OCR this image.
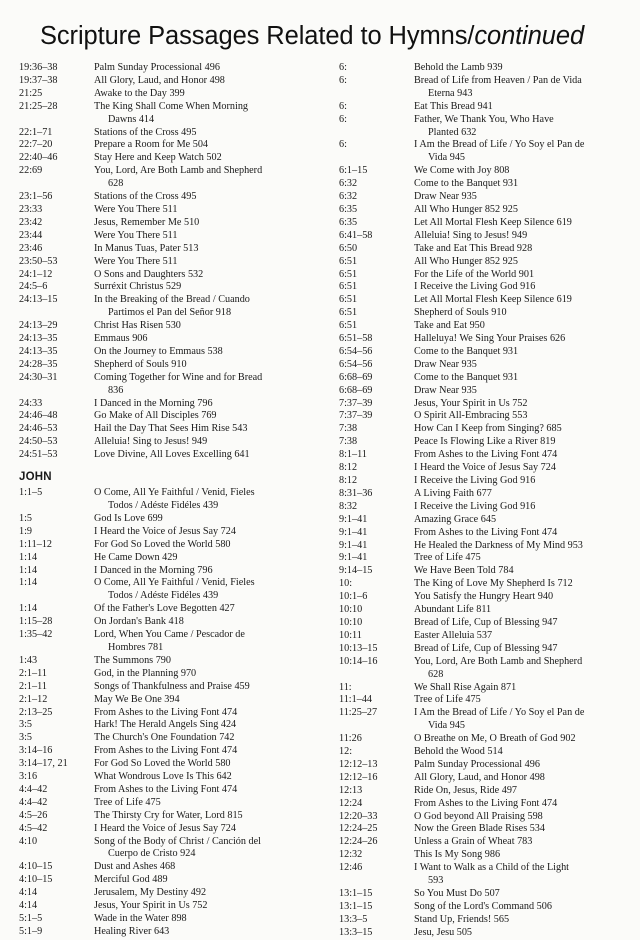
Scripture Passages Related to Hymns/continued
19:36–38	Palm Sunday Processional 496
19:37–38	All Glory, Laud, and Honor 498
21:25	Awake to the Day 399
21:25–28	The King Shall Come When Morning
Dawns 414
22:1–71	Stations of the Cross 495
22:7–20	Prepare a Room for Me 504
22:40–46	Stay Here and Keep Watch 502
22:69	You, Lord, Are Both Lamb and Shepherd
628
23:1–56	Stations of the Cross 495
23:33	Were You There 511
23:42	Jesus, Remember Me 510
23:44	Were You There 511
23:46	In Manus Tuas, Pater 513
23:50–53	Were You There 511
24:1–12	O Sons and Daughters 532
24:5–6	Surréxit Christus 529
24:13–15	In the Breaking of the Bread / Cuando
Partimos el Pan del Señor 918
24:13–29	Christ Has Risen 530
24:13–35	Emmaus 906
24:13–35	On the Journey to Emmaus 538
24:28–35	Shepherd of Souls 910
24:30–31	Coming Together for Wine and for Bread
836
24:33	I Danced in the Morning 796
24:46–48	Go Make of All Disciples 769
24:46–53	Hail the Day That Sees Him Rise 543
24:50–53	Alleluia! Sing to Jesus! 949
24:51–53	Love Divine, All Loves Excelling 641
JOHN
1:1–5	O Come, All Ye Faithful / Venid, Fieles
Todos / Adéste Fidéles 439
1:5	God Is Love 699
1:9	I Heard the Voice of Jesus Say 724
1:11–12	For God So Loved the World 580
1:14	He Came Down 429
1:14	I Danced in the Morning 796
1:14	O Come, All Ye Faithful / Venid, Fieles
Todos / Adéste Fidéles 439
1:14	Of the Father's Love Begotten 427
1:15–28	On Jordan's Bank 418
1:35–42	Lord, When You Came / Pescador de
Hombres 781
1:43	The Summons 790
2:1–11	God, in the Planning 970
2:1–11	Songs of Thankfulness and Praise 459
2:1–12	May We Be One 394
2:13–25	From Ashes to the Living Font 474
3:5	Hark! The Herald Angels Sing 424
3:5	The Church's One Foundation 742
3:14–16	From Ashes to the Living Font 474
3:14–17, 21	For God So Loved the World 580
3:16	What Wondrous Love Is This 642
4:4–42	From Ashes to the Living Font 474
4:4–42	Tree of Life 475
4:5–26	The Thirsty Cry for Water, Lord 815
4:5–42	I Heard the Voice of Jesus Say 724
4:10	Song of the Body of Christ / Canción del
Cuerpo de Cristo 924
4:10–15	Dust and Ashes 468
4:10–15	Merciful God 489
4:14	Jerusalem, My Destiny 492
4:14	Jesus, Your Spirit in Us 752
5:1–5	Wade in the Water 898
5:1–9	Healing River 643
6:	Behold the Lamb 939
6:	Bread of Life from Heaven / Pan de Vida
Eterna 943
6:	Eat This Bread 941
6:	Father, We Thank You, Who Have
Planted 632
6:	I Am the Bread of Life / Yo Soy el Pan de
Vida 945
6:1–15	We Come with Joy 808
6:32	Come to the Banquet 931
6:32	Draw Near 935
6:35	All Who Hunger 852 925
6:35	Let All Mortal Flesh Keep Silence 619
6:41–58	Alleluia! Sing to Jesus! 949
6:50	Take and Eat This Bread 928
6:51	All Who Hunger 852 925
6:51	For the Life of the World 901
6:51	I Receive the Living God 916
6:51	Let All Mortal Flesh Keep Silence 619
6:51	Shepherd of Souls 910
6:51	Take and Eat 950
6:51–58	Halleluya! We Sing Your Praises 626
6:54–56	Come to the Banquet 931
6:54–56	Draw Near 935
6:68–69	Come to the Banquet 931
6:68–69	Draw Near 935
7:37–39	Jesus, Your Spirit in Us 752
7:37–39	O Spirit All-Embracing 553
7:38	How Can I Keep from Singing? 685
7:38	Peace Is Flowing Like a River 819
8:1–11	From Ashes to the Living Font 474
8:12	I Heard the Voice of Jesus Say 724
8:12	I Receive the Living God 916
8:31–36	A Living Faith 677
8:32	I Receive the Living God 916
9:1–41	Amazing Grace 645
9:1–41	From Ashes to the Living Font 474
9:1–41	He Healed the Darkness of My Mind 953
9:1–41	Tree of Life 475
9:14–15	We Have Been Told 784
10:	The King of Love My Shepherd Is 712
10:1–6	You Satisfy the Hungry Heart 940
10:10	Abundant Life 811
10:10	Bread of Life, Cup of Blessing 947
10:11	Easter Alleluia 537
10:13–15	Bread of Life, Cup of Blessing 947
10:14–16	You, Lord, Are Both Lamb and Shepherd
628
11:	We Shall Rise Again 871
11:1–44	Tree of Life 475
11:25–27	I Am the Bread of Life / Yo Soy el Pan de
Vida 945
11:26	O Breathe on Me, O Breath of God 902
12:	Behold the Wood 514
12:12–13	Palm Sunday Processional 496
12:12–16	All Glory, Laud, and Honor 498
12:13	Ride On, Jesus, Ride 497
12:24	From Ashes to the Living Font 474
12:20–33	O God beyond All Praising 598
12:24–25	Now the Green Blade Rises 534
12:24–26	Unless a Grain of Wheat 783
12:32	This Is My Song 986
12:46	I Want to Walk as a Child of the Light
593
13:1–15	So You Must Do 507
13:1–15	Song of the Lord's Command 506
13:3–5	Stand Up, Friends! 565
13:3–15	Jesu, Jesu 505
